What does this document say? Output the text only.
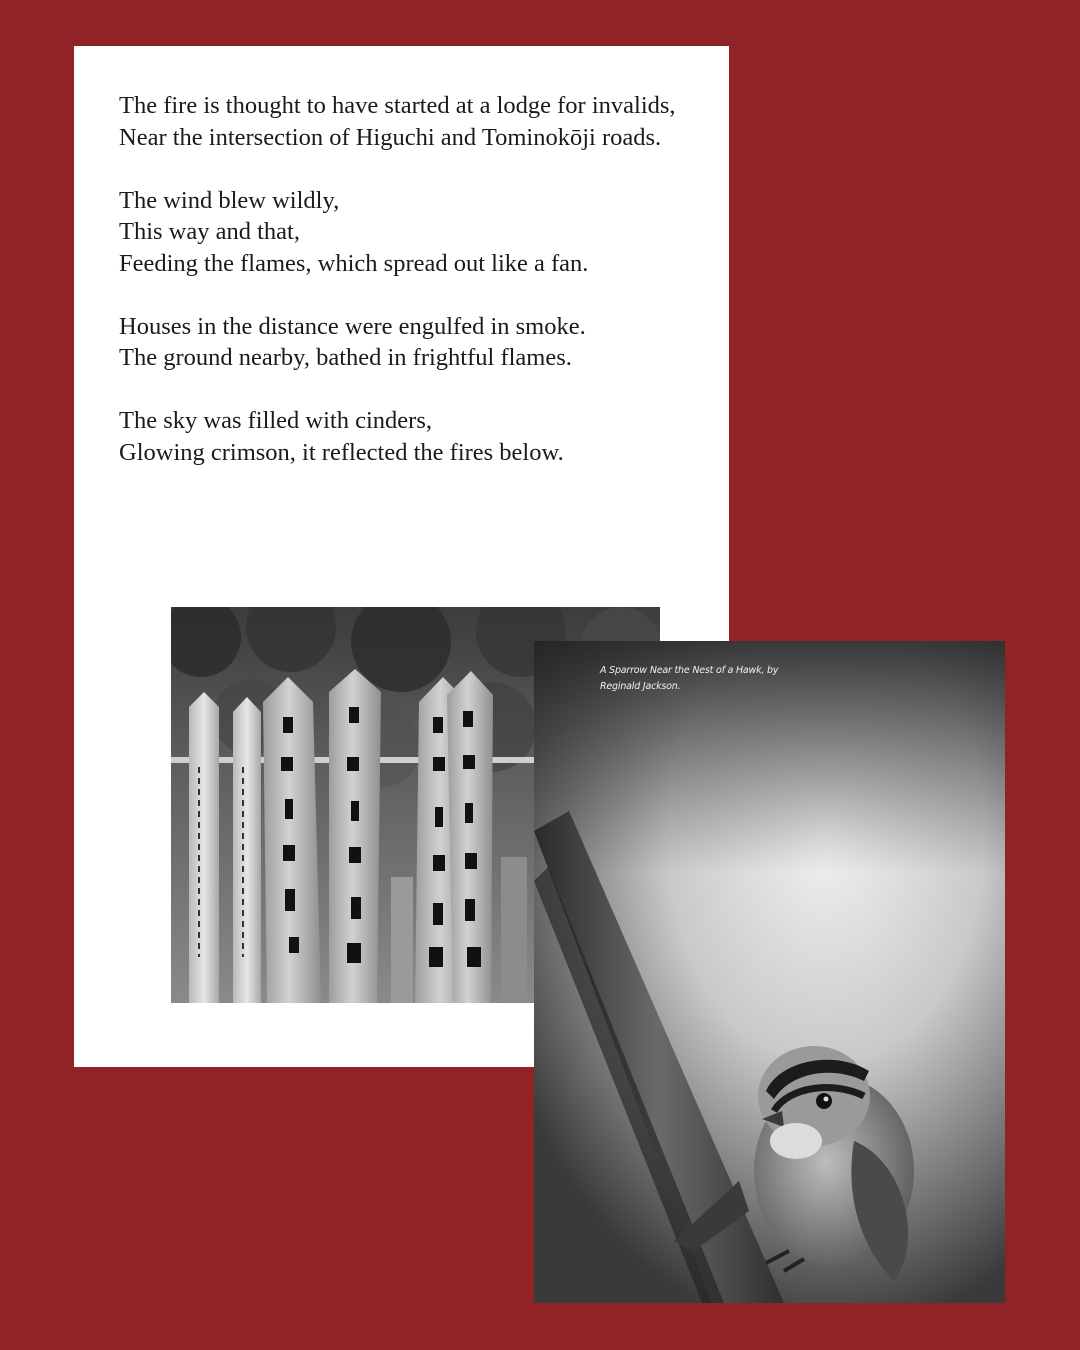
The fire is thought to have started at a lodge for invalids,
Near the intersection of Higuchi and Tominokōji roads.
The wind blew wildly,
This way and that,
Feeding the flames, which spread out like a fan.
Houses in the distance were engulfed in smoke.
The ground nearby, bathed in frightful flames.
The sky was filled with cinders,
Glowing crimson, it reflected the fires below.
A Sparrow Near the Nest of a Hawk, by
Reginald Jackson.
